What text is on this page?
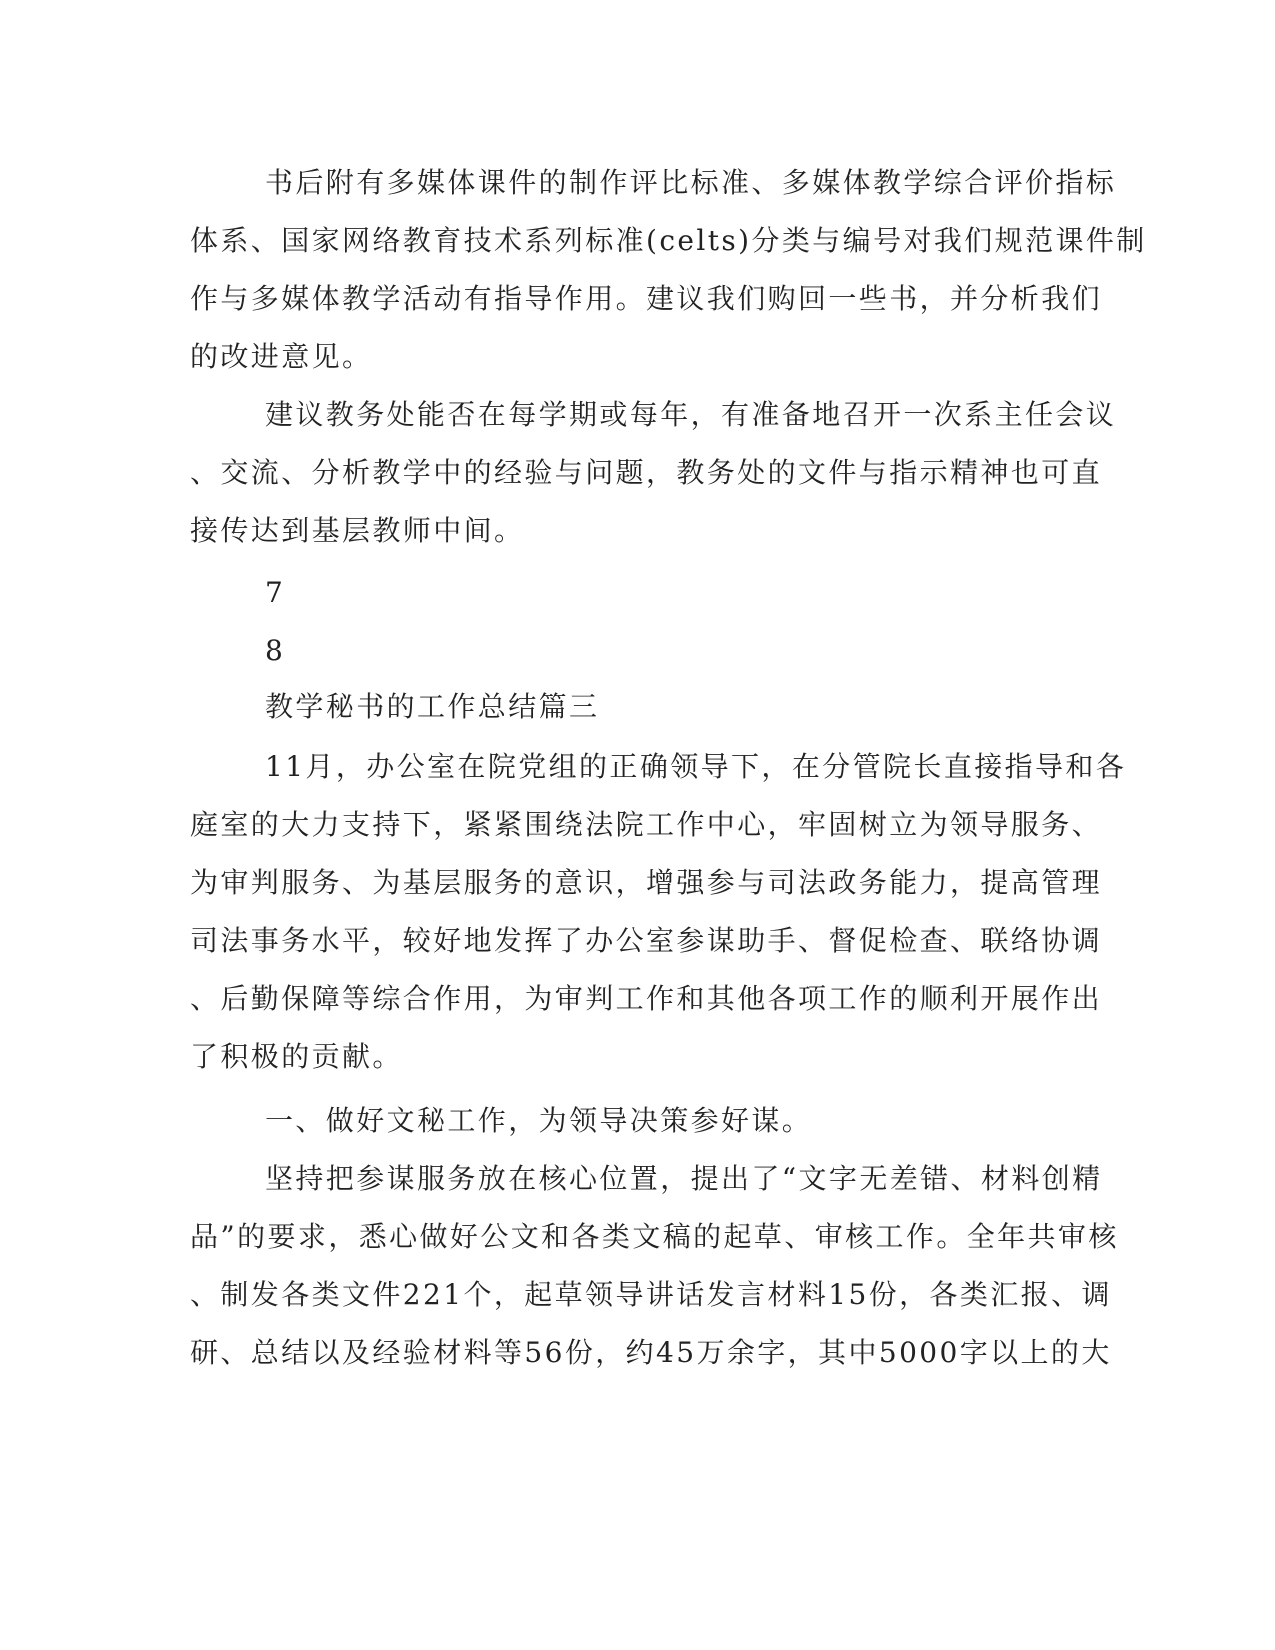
书后附有多媒体课件的制作评比标准、多媒体教学综合评价指标
体系、国家网络教育技术系列标准(celts)分类与编号对我们规范课件制
作与多媒体教学活动有指导作用。建议我们购回一些书，并分析我们
的改进意见。
建议教务处能否在每学期或每年，有准备地召开一次系主任会议
、交流、分析教学中的经验与问题，教务处的文件与指示精神也可直
接传达到基层教师中间。
7
8
教学秘书的工作总结篇三
11月，办公室在院党组的正确领导下，在分管院长直接指导和各
庭室的大力支持下，紧紧围绕法院工作中心，牢固树立为领导服务、
为审判服务、为基层服务的意识，增强参与司法政务能力，提高管理
司法事务水平，较好地发挥了办公室参谋助手、督促检查、联络协调
、后勤保障等综合作用，为审判工作和其他各项工作的顺利开展作出
了积极的贡献。
一、做好文秘工作，为领导决策参好谋。
坚持把参谋服务放在核心位置，提出了“文字无差错、材料创精
品”的要求，悉心做好公文和各类文稿的起草、审核工作。全年共审核
、制发各类文件221个，起草领导讲话发言材料15份，各类汇报、调
研、总结以及经验材料等56份，约45万余字，其中5000字以上的大
